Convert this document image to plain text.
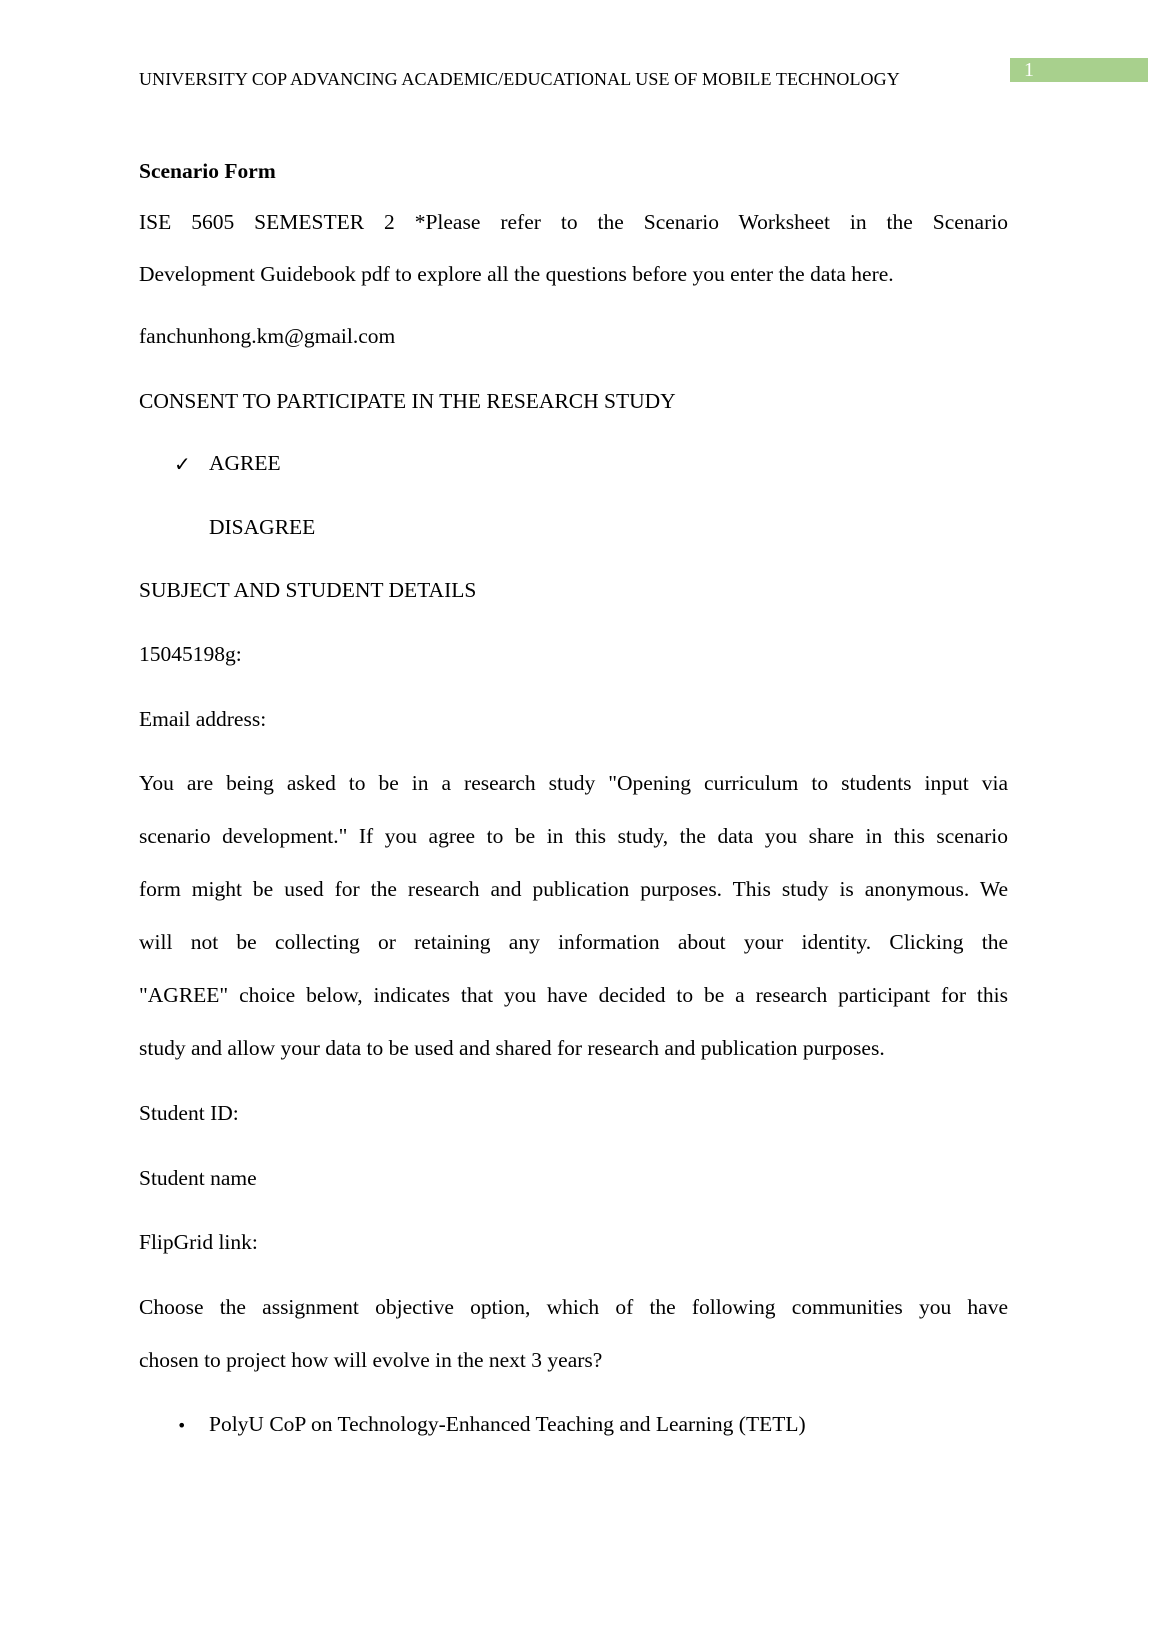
UNIVERSITY COP ADVANCING ACADEMIC/EDUCATIONAL USE OF MOBILE TECHNOLOGY	1
Scenario Form
ISE 5605 SEMESTER 2 *Please refer to the Scenario Worksheet in the Scenario
Development Guidebook pdf to explore all the questions before you enter the data here.
fanchunhong.km@gmail.com
CONSENT TO PARTICIPATE IN THE RESEARCH STUDY
✓ AGREE
DISAGREE
SUBJECT AND STUDENT DETAILS
15045198g:
Email address:
You are being asked to be in a research study "Opening curriculum to students input via
scenario development." If you agree to be in this study, the data you share in this scenario
form might be used for the research and publication purposes. This study is anonymous. We
will not be collecting or retaining any information about your identity. Clicking the
"AGREE" choice below, indicates that you have decided to be a research participant for this
study and allow your data to be used and shared for research and publication purposes.
Student ID:
Student name
FlipGrid link:
Choose the assignment objective option, which of the following communities you have
chosen to project how will evolve in the next 3 years?
• PolyU CoP on Technology-Enhanced Teaching and Learning (TETL)
